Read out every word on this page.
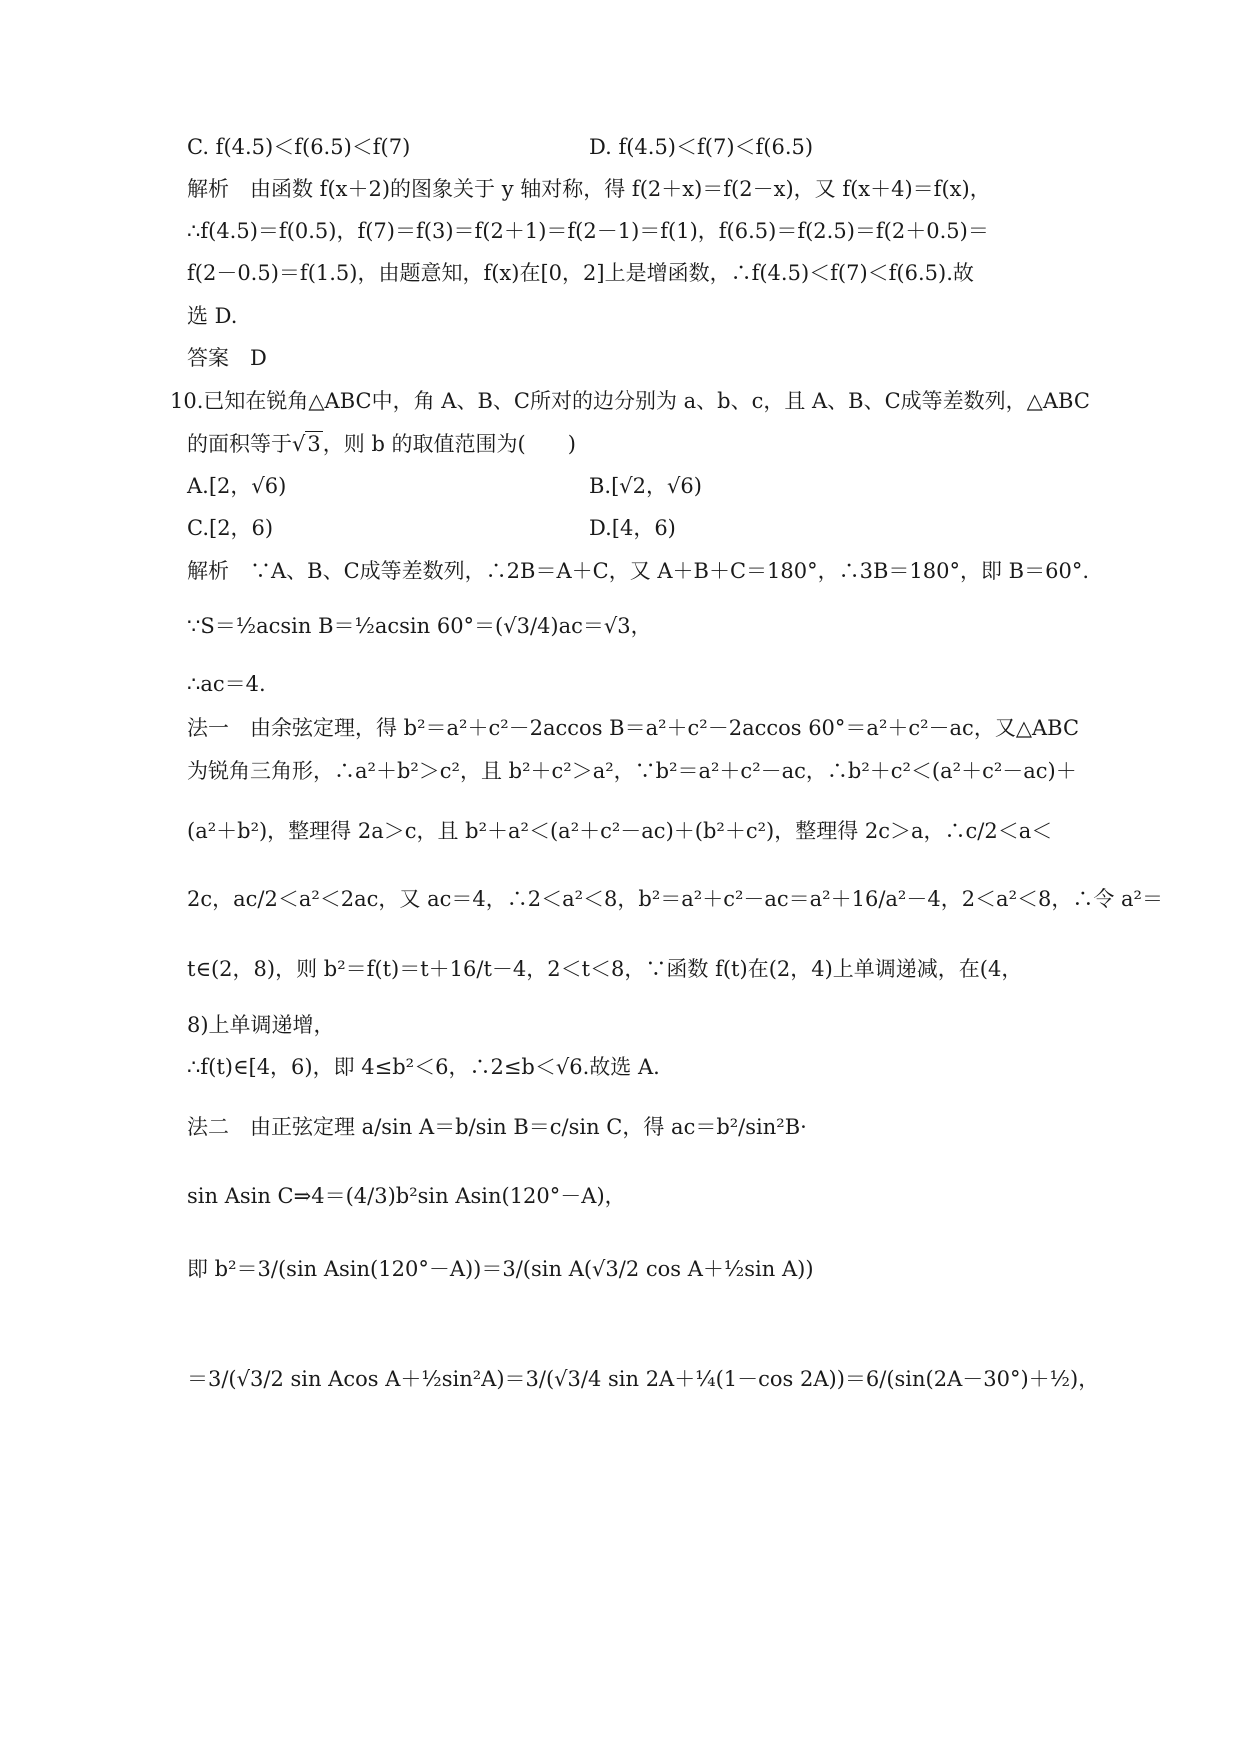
C. f(4.5)＜f(6.5)＜f(7)	D. f(4.5)＜f(7)＜f(6.5)
解析　由函数 f(x＋2)的图象关于 y 轴对称，得 f(2＋x)＝f(2－x)，又 f(x＋4)＝f(x)，
∴f(4.5)＝f(0.5)，f(7)＝f(3)＝f(2＋1)＝f(2－1)＝f(1)，f(6.5)＝f(2.5)＝f(2＋0.5)＝
f(2－0.5)＝f(1.5)，由题意知，f(x)在[0，2]上是增函数，∴f(4.5)＜f(7)＜f(6.5).故
选 D.
答案　D
10.已知在锐角△ABC中，角 A、B、C所对的边分别为 a、b、c，且 A、B、C成等差数列，△ABC
的面积等于√3，则 b 的取值范围为(　　)
A.[2，√6)	B.[√2，√6)
C.[2，6)	D.[4，6)
解析　∵A、B、C成等差数列，∴2B＝A＋C，又 A＋B＋C＝180°，∴3B＝180°，即 B＝60°.
∵S＝½acsin B＝½acsin 60°＝(√3/4)ac＝√3，
∴ac＝4.
法一　由余弦定理，得 b²＝a²＋c²－2accos B＝a²＋c²－2accos 60°＝a²＋c²－ac，又△ABC
为锐角三角形，∴a²＋b²＞c²，且 b²＋c²＞a²，∵b²＝a²＋c²－ac，∴b²＋c²＜(a²＋c²－ac)＋
(a²＋b²)，整理得 2a＞c，且 b²＋a²＜(a²＋c²－ac)＋(b²＋c²)，整理得 2c＞a，∴c/2＜a＜
2c，ac/2＜a²＜2ac，又 ac＝4，∴2＜a²＜8，b²＝a²＋c²－ac＝a²＋16/a²－4，2＜a²＜8，∴令 a²＝
t∈(2，8)，则 b²＝f(t)＝t＋16/t－4，2＜t＜8，∵函数 f(t)在(2，4)上单调递减，在(4，
8)上单调递增，
∴f(t)∈[4，6)，即 4≤b²＜6，∴2≤b＜√6.故选 A.
法二　由正弦定理 a/sin A＝b/sin B＝c/sin C，得 ac＝b²/sin²B·
sin Asin C⇒4＝(4/3)b²sin Asin(120°－A)，
即 b²＝3/(sin Asin(120°－A))＝3/(sin A(√3/2 cos A＋½sin A))
＝3/(√3/2 sin Acos A＋½sin²A)＝3/(√3/4 sin 2A＋¼(1－cos 2A))＝6/(sin(2A－30°)＋½)，
